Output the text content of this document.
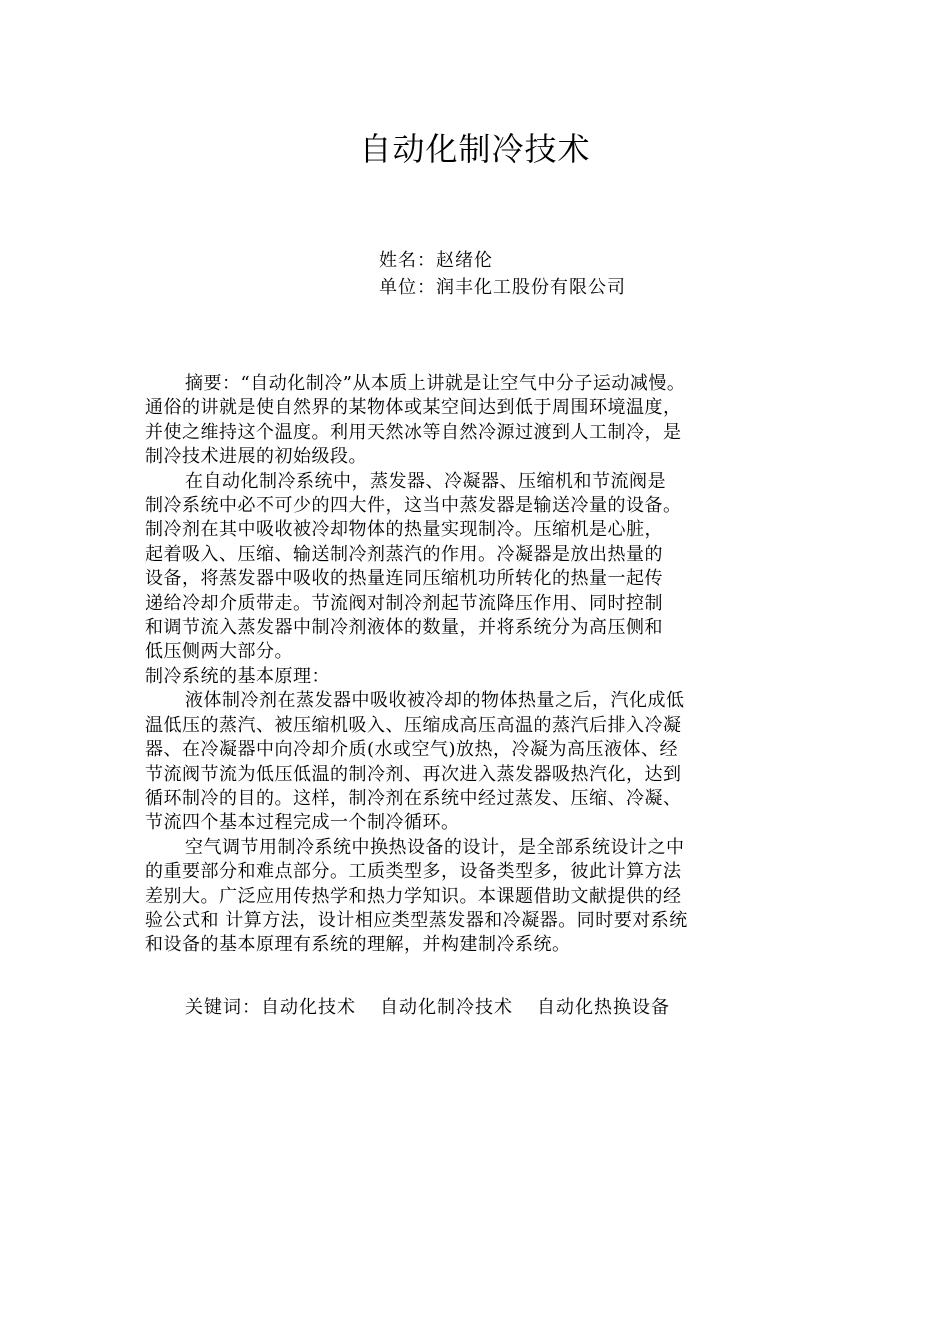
自动化制冷技术
姓名：赵绪伦
单位：润丰化工股份有限公司
摘要：“自动化制冷”从本质上讲就是让空气中分子运动减慢。
通俗的讲就是使自然界的某物体或某空间达到低于周围环境温度，
并使之维持这个温度。利用天然冰等自然冷源过渡到人工制冷，是
制冷技术进展的初始级段。
在自动化制冷系统中，蒸发器、冷凝器、压缩机和节流阀是
制冷系统中必不可少的四大件，这当中蒸发器是输送冷量的设备。
制冷剂在其中吸收被冷却物体的热量实现制冷。压缩机是心脏，
起着吸入、压缩、输送制冷剂蒸汽的作用。冷凝器是放出热量的
设备，将蒸发器中吸收的热量连同压缩机功所转化的热量一起传
递给冷却介质带走。节流阀对制冷剂起节流降压作用、同时控制
和调节流入蒸发器中制冷剂液体的数量，并将系统分为高压侧和
低压侧两大部分。
制冷系统的基本原理：
液体制冷剂在蒸发器中吸收被冷却的物体热量之后，汽化成低
温低压的蒸汽、被压缩机吸入、压缩成高压高温的蒸汽后排入冷凝
器、在冷凝器中向冷却介质(水或空气)放热，冷凝为高压液体、经
节流阀节流为低压低温的制冷剂、再次进入蒸发器吸热汽化，达到
循环制冷的目的。这样，制冷剂在系统中经过蒸发、压缩、冷凝、
节流四个基本过程完成一个制冷循环。
空气调节用制冷系统中换热设备的设计，是全部系统设计之中
的重要部分和难点部分。工质类型多，设备类型多，彼此计算方法
差别大。广泛应用传热学和热力学知识。本课题借助文献提供的经
验公式和 计算方法，设计相应类型蒸发器和冷凝器。同时要对系统
和设备的基本原理有系统的理解，并构建制冷系统。
关键词：自动化技术 自动化制冷技术 自动化热换设备
